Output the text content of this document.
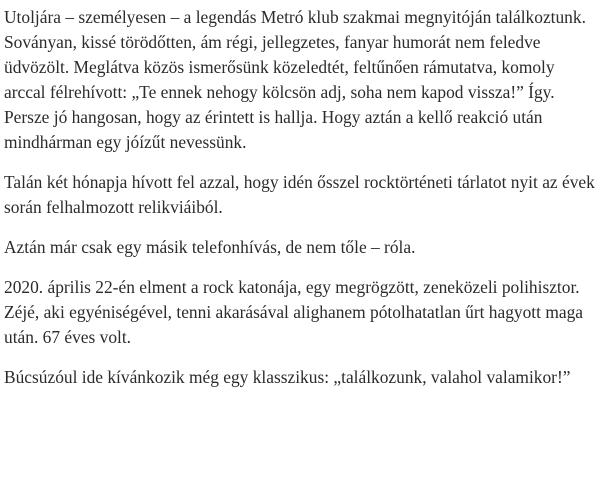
Utoljára – személyesen – a legendás Metró klub szakmai megnyitóján találkoztunk. Soványan, kissé törödőtten, ám régi, jellegzetes, fanyar humorát nem feledve üdvözölt. Meglátva közös ismerősünk közeledtét, feltűnően rámutatva, komoly arccal félrehívott: „Te ennek nehogy kölcsön adj, soha nem kapod vissza!” Így. Persze jó hangosan, hogy az érintett is hallja. Hogy aztán a kellő reakció után mindhárman egy jóízűt nevessünk.

Talán két hónapja hívott fel azzal, hogy idén ősszel rocktörténeti tárlatot nyit az évek során felhalmozott relikviáiból.

Aztán már csak egy másik telefonhívás, de nem tőle – róla.

2020. április 22-én elment a rock katonája, egy megrögzött, zeneközeli polihisztor. Zéjé, aki egyéniségével, tenni akarásával alighanem pótolhatatlan űrt hagyott maga után. 67 éves volt.

Búcsúzóul ide kívánkozik még egy klasszikus: „találkozunk, valahol valamikor!”
